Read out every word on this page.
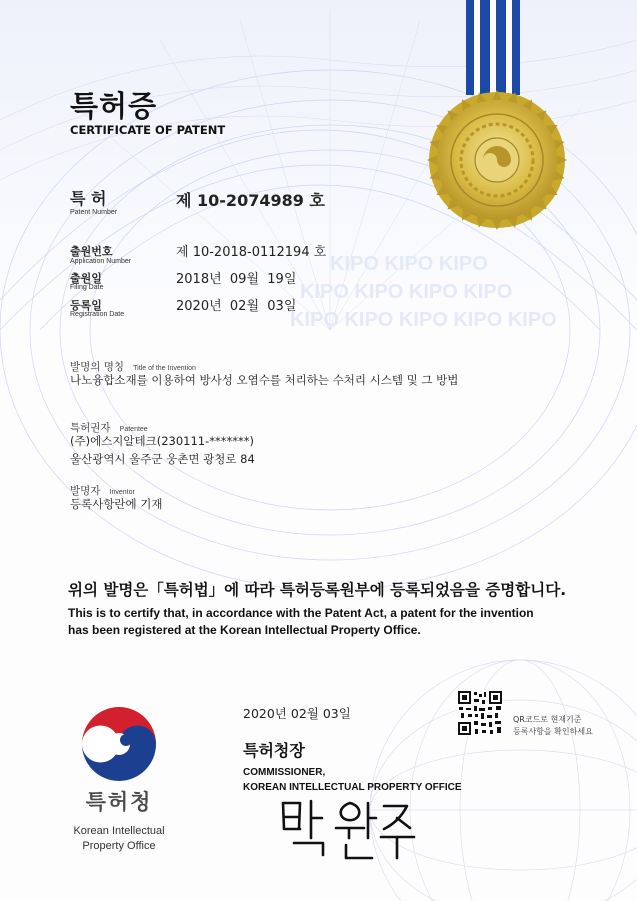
KIPO KIPO KIPO
KIPO KIPO KIPO KIPO
KIPO KIPO KIPO KIPO KIPO
특허증
CERTIFICATE OF PATENT
특 허
Patent Number
제 10-2074989 호
출원번호
Application Number
제 10-2018-0112194 호
출원일
Filing Date
2018년  09월  19일
등록일
Registration Date
2020년  02월  03일
발명의 명칭 Title of the Invention
나노융합소재를 이용하여 방사성 오염수를 처리하는 수처리 시스템 및 그 방법
특허권자 Patentee
(주)에스지알테크(230111-*******)
울산광역시 울주군 웅촌면 광청로 84
발명자 Inventor
등록사항란에 기재
위의 발명은「특허법」에 따라 특허등록원부에 등록되었음을 증명합니다.
This is to certify that, in accordance with the Patent Act, a patent for the invention
has been registered at the Korean Intellectual Property Office.
2020년 02월 03일	QR코드로 현재기준
등록사항을 확인하세요
특허청장
COMMISSIONER,
KOREAN INTELLECTUAL PROPERTY OFFICE
특허청
Korean Intellectual
Property Office
